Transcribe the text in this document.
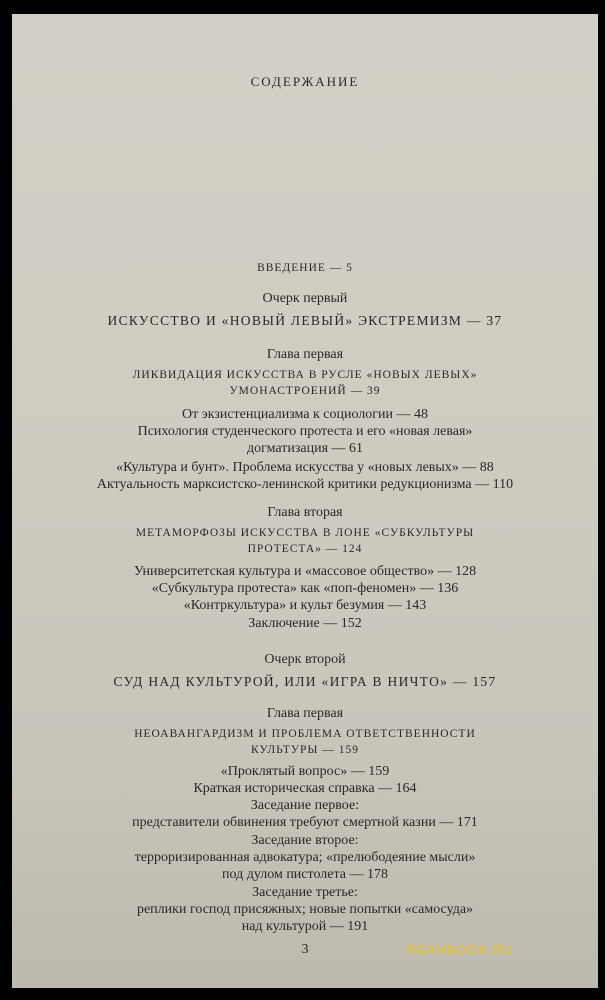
СОДЕРЖАНИЕ
ВВЕДЕНИЕ — 5
Очерк первый
ИСКУССТВО И «НОВЫЙ ЛЕВЫЙ» ЭКСТРЕМИЗМ — 37
Глава первая
ЛИКВИДАЦИЯ ИСКУССТВА В РУСЛЕ «НОВЫХ ЛЕВЫХ»
УМОНАСТРОЕНИЙ — 39
От экзистенциализма к социологии — 48
Психология студенческого протеста и его «новая левая»
догматизация — 61
«Культура и бунт». Проблема искусства у «новых левых» — 88
Актуальность марксистско-ленинской критики редукционизма — 110
Глава вторая
МЕТАМОРФОЗЫ ИСКУССТВА В ЛОНЕ «СУБКУЛЬТУРЫ
ПРОТЕСТА» — 124
Университетская культура и «массовое общество» — 128
«Субкультура протеста» как «поп-феномен» — 136
«Контркультура» и культ безумия — 143
Заключение — 152
Очерк второй
СУД НАД КУЛЬТУРОЙ, ИЛИ «ИГРА В НИЧТО» — 157
Глава первая
НЕОАВАНГАРДИЗМ И ПРОБЛЕМА ОТВЕТСТВЕННОСТИ
КУЛЬТУРЫ — 159
«Проклятый вопрос» — 159
Краткая историческая справка — 164
Заседание первое:
представители обвинения требуют смертной казни — 171
Заседание второе:
терроризированная адвокатура; «прелюбодеяние мысли»
под дулом пистолета — 178
Заседание третье:
реплики господ присяжных; новые попытки «самосуда»
над культурой — 191
3	REANBOOK.RU
